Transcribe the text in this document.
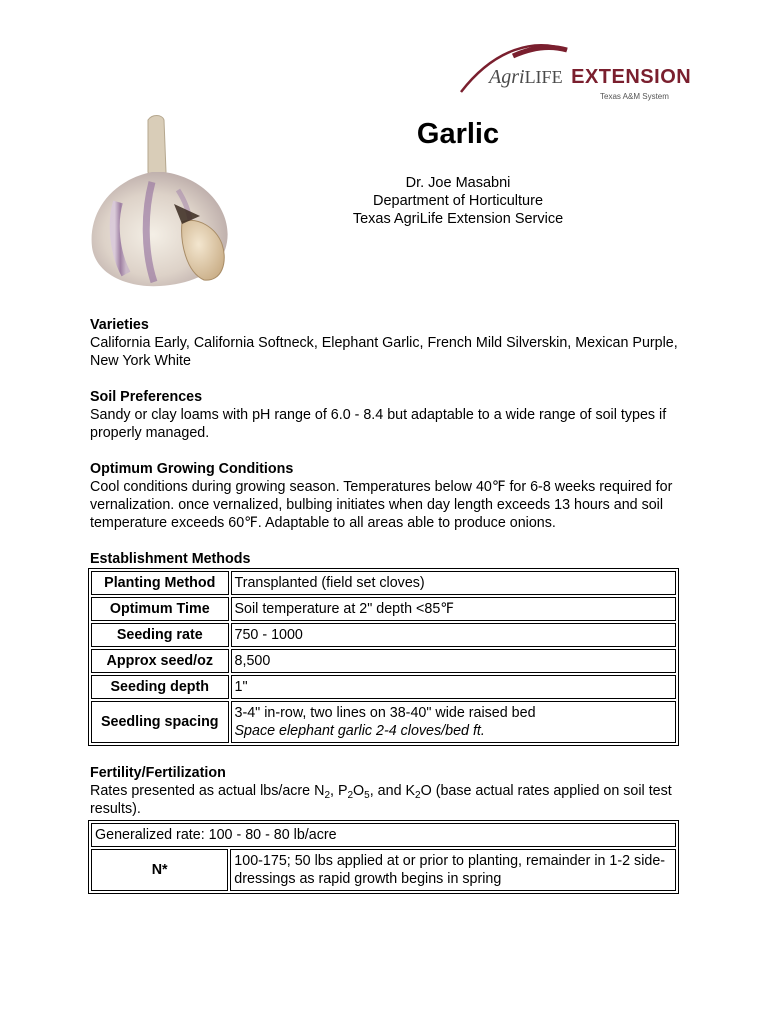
AgriLIFE EXTENSION
Texas A&M System
Garlic
Dr. Joe Masabni
Department of Horticulture
Texas AgriLife Extension Service
Varieties

California Early, California Softneck, Elephant Garlic, French Mild Silverskin, Mexican Purple, New York White

Soil Preferences

Sandy or clay loams with pH range of 6.0 - 8.4 but adaptable to a wide range of soil types if properly managed.

Optimum Growing Conditions

Cool conditions during growing season. Temperatures below 40℉ for 6-8 weeks required for vernalization. once vernalized, bulbing initiates when day length exceeds 13 hours and soil temperature exceeds 60℉. Adaptable to all areas able to produce onions.

Establishment Methods
Planting Method	Transplanted (field set cloves)
Optimum Time	Soil temperature at 2" depth <85℉
Seeding rate	750 - 1000
Approx seed/oz	8,500
Seeding depth	1"
Seedling spacing	3-4" in-row, two lines on 38-40" wide raised bed
Space elephant garlic 2-4 cloves/bed ft.
Fertility/Fertilization
Rates presented as actual lbs/acre $N_2$, $P_2O_5$, and $K_2O$ (base actual rates applied on soil test results).
Generalized rate: 100 - 80 - 80 lb/acre
N*	100-175; 50 lbs applied at or prior to planting, remainder in 1-2 side-dressings as rapid growth begins in spring
